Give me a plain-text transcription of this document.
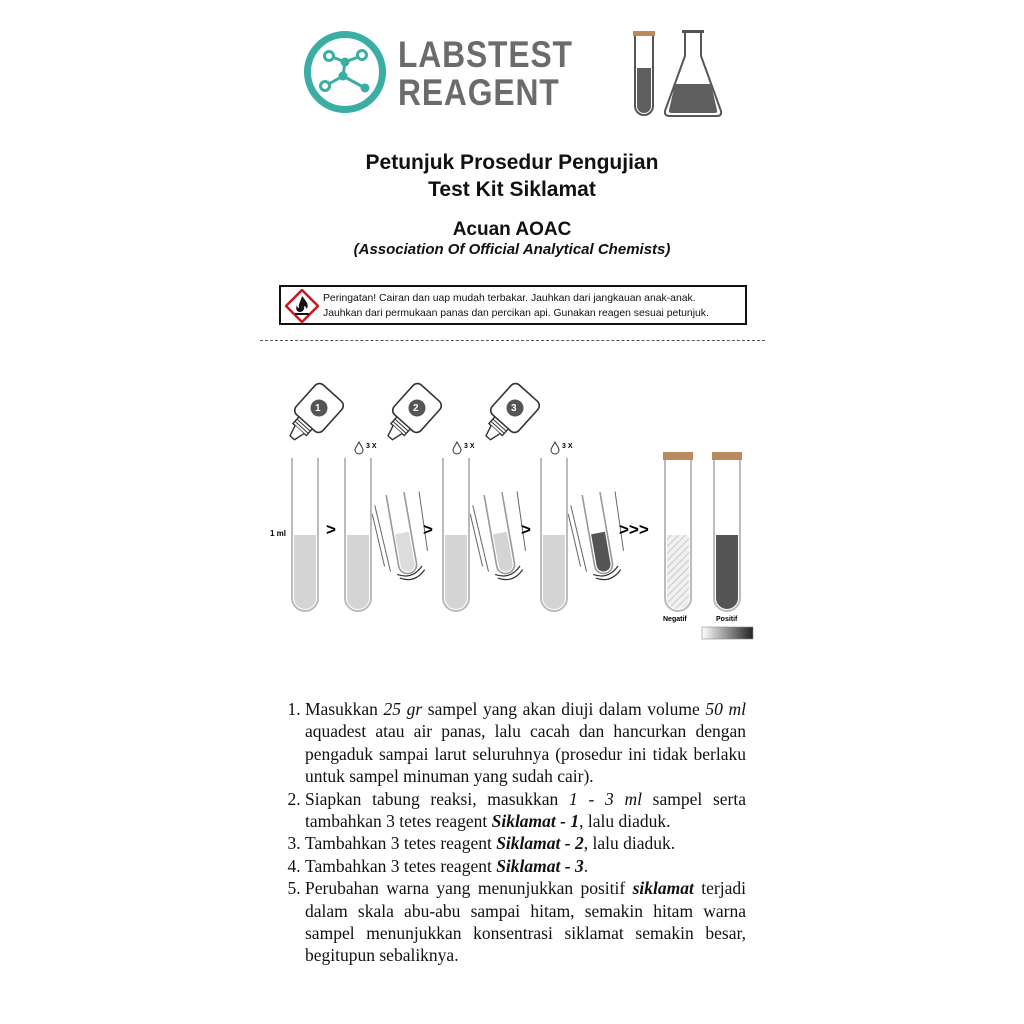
LABSTEST
REAGENT
Petunjuk Prosedur Pengujian
Test Kit Siklamat
Acuan AOAC
(Association Of Official Analytical Chemists)
Peringatan! Cairan dan uap mudah terbakar. Jauhkan dari jangkauan anak-anak.
Jauhkan dari permukaan panas dan percikan api. Gunakan reagen sesuai petunjuk.
1 ml >
1
3 X
>
2
3 X
>
3
3 X
>>>
Negatif	Positif
1. Masukkan 25 gr sampel yang akan diuji dalam volume 50 ml aquadest atau air panas, lalu cacah dan hancurkan dengan pengaduk sampai larut seluruhnya (prosedur ini tidak berlaku untuk sampel minuman yang sudah cair).
2. Siapkan tabung reaksi, masukkan 1 - 3 ml sampel serta tambahkan 3 tetes reagent Siklamat - 1, lalu diaduk.
3. Tambahkan 3 tetes reagent Siklamat - 2, lalu diaduk.
4. Tambahkan 3 tetes reagent Siklamat - 3.
5. Perubahan warna yang menunjukkan positif siklamat terjadi dalam skala abu-abu sampai hitam, semakin hitam warna sampel menunjukkan konsentrasi siklamat semakin besar, begitupun sebaliknya.
